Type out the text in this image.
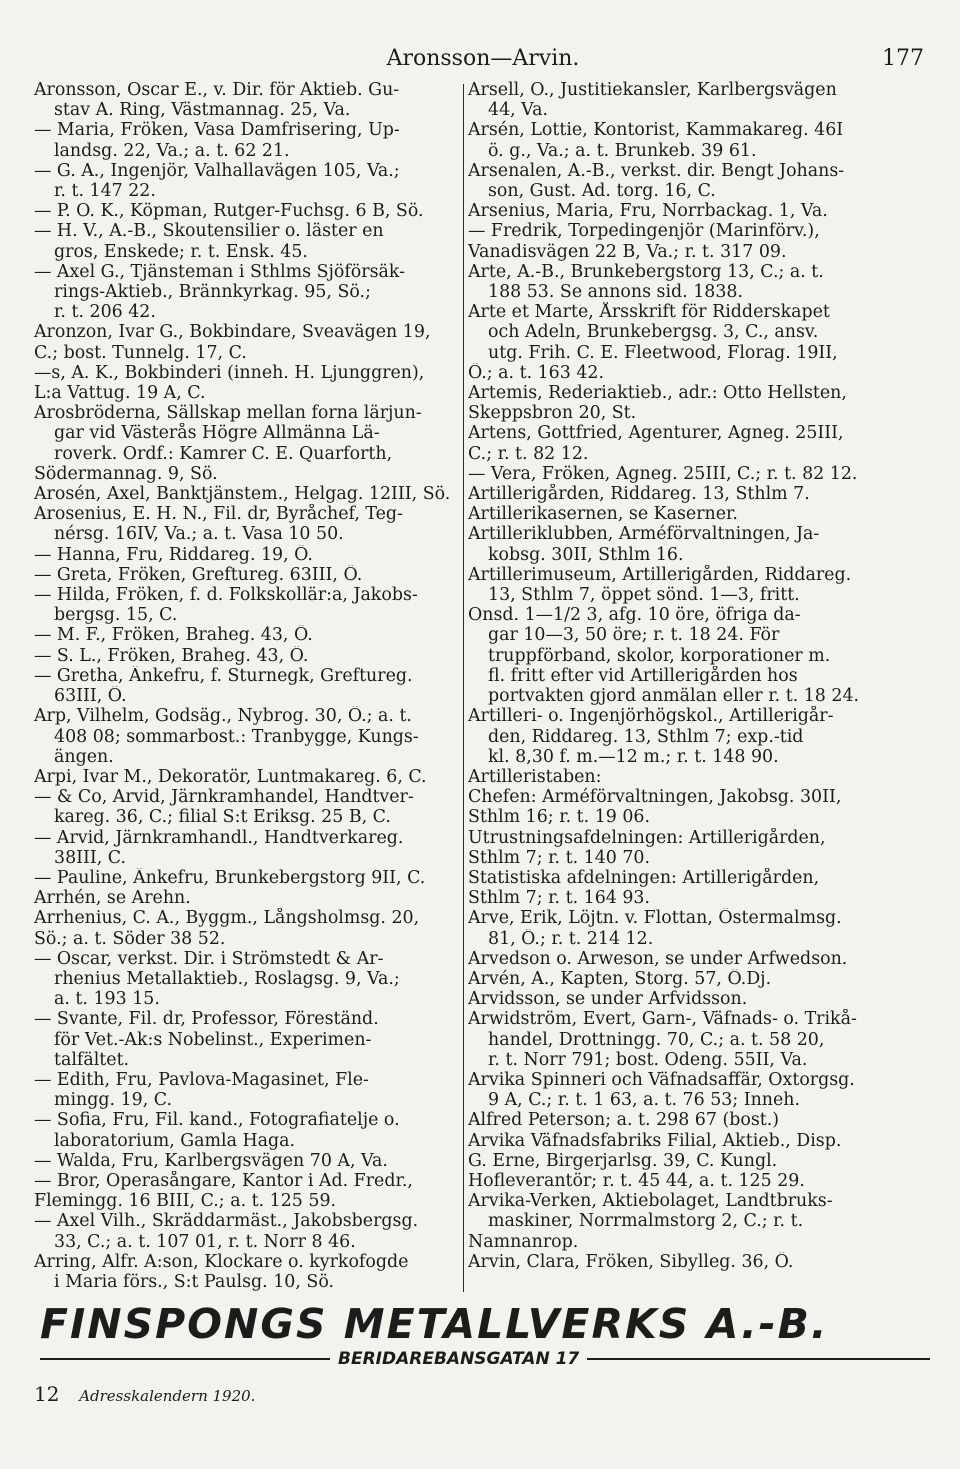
Aronsson—Arvin.	177
Aronsson, Oscar E., v. Dir. för Aktieb. Gu-
stav A. Ring, Västmannag. 25, Va.
— Maria, Fröken, Vasa Damfrisering, Up-
landsg. 22, Va.; a. t. 62 21.
— G. A., Ingenjör, Valhallavägen 105, Va.;
r. t. 147 22.
— P. O. K., Köpman, Rutger-Fuchsg. 6 B, Sö.
— H. V., A.-B., Skoutensilier o. läster en
gros, Enskede; r. t. Ensk. 45.
— Axel G., Tjänsteman i Sthlms Sjöförsäk-
rings-Aktieb., Brännkyrkag. 95, Sö.;
r. t. 206 42.
Aronzon, Ivar G., Bokbindare, Sveavägen 19,
C.; bost. Tunnelg. 17, C.
—s, A. K., Bokbinderi (inneh. H. Ljunggren),
L:a Vattug. 19 A, C.
Arosbröderna, Sällskap mellan forna lärjun-
gar vid Västerås Högre Allmänna Lä-
roverk. Ordf.: Kamrer C. E. Quarforth,
Södermannag. 9, Sö.
Arosén, Axel, Banktjänstem., Helgag. 12III, Sö.
Arosenius, E. H. N., Fil. dr, Byråchef, Teg-
nérsg. 16IV, Va.; a. t. Vasa 10 50.
— Hanna, Fru, Riddareg. 19, Ö.
— Greta, Fröken, Greftureg. 63III, Ö.
— Hilda, Fröken, f. d. Folkskollär:a, Jakobs-
bergsg. 15, C.
— M. F., Fröken, Braheg. 43, Ö.
— S. L., Fröken, Braheg. 43, Ö.
— Gretha, Änkefru, f. Sturnegk, Greftureg.
63III, Ö.
Arp, Vilhelm, Godsäg., Nybrog. 30, Ö.; a. t.
408 08; sommarbost.: Tranbygge, Kungs-
ängen.
Arpi, Ivar M., Dekoratör, Luntmakareg. 6, C.
— & Co, Arvid, Järnkramhandel, Handtver-
kareg. 36, C.; filial S:t Eriksg. 25 B, C.
— Arvid, Järnkramhandl., Handtverkareg.
38III, C.
— Pauline, Änkefru, Brunkebergstorg 9II, C.
Arrhén, se Arehn.
Arrhenius, C. A., Byggm., Långsholmsg. 20,
Sö.; a. t. Söder 38 52.
— Oscar, verkst. Dir. i Strömstedt & Ar-
rhenius Metallaktieb., Roslagsg. 9, Va.;
a. t. 193 15.
— Svante, Fil. dr, Professor, Föreständ.
för Vet.-Ak:s Nobelinst., Experimen-
talfältet.
— Edith, Fru, Pavlova-Magasinet, Fle-
mingg. 19, C.
— Sofia, Fru, Fil. kand., Fotografiatelje o.
laboratorium, Gamla Haga.
— Walda, Fru, Karlbergsvägen 70 A, Va.
— Bror, Operasångare, Kantor i Ad. Fredr.,
Flemingg. 16 BIII, C.; a. t. 125 59.
— Axel Vilh., Skräddarmäst., Jakobsbergsg.
33, C.; a. t. 107 01, r. t. Norr 8 46.
Arring, Alfr. A:son, Klockare o. kyrkofogde
i Maria förs., S:t Paulsg. 10, Sö.
Arsell, O., Justitiekansler, Karlbergsvägen
44, Va.
Arsén, Lottie, Kontorist, Kammakareg. 46I
ö. g., Va.; a. t. Brunkeb. 39 61.
Arsenalen, A.-B., verkst. dir. Bengt Johans-
son, Gust. Ad. torg. 16, C.
Arsenius, Maria, Fru, Norrbackag. 1, Va.
— Fredrik, Torpedingenjör (Marinförv.),
Vanadisvägen 22 B, Va.; r. t. 317 09.
Arte, A.-B., Brunkebergstorg 13, C.; a. t.
188 53. Se annons sid. 1838.
Arte et Marte, Årsskrift för Ridderskapet
och Adeln, Brunkebergsg. 3, C., ansv.
utg. Frih. C. E. Fleetwood, Florag. 19II,
Ö.; a. t. 163 42.
Artemis, Rederiaktieb., adr.: Otto Hellsten,
Skeppsbron 20, St.
Artens, Gottfried, Agenturer, Agneg. 25III,
C.; r. t. 82 12.
— Vera, Fröken, Agneg. 25III, C.; r. t. 82 12.
Artillerigården, Riddareg. 13, Sthlm 7.
Artillerikasernen, se Kaserner.
Artilleriklubben, Arméförvaltningen, Ja-
kobsg. 30II, Sthlm 16.
Artillerimuseum, Artillerigården, Riddareg.
13, Sthlm 7, öppet sönd. 1—3, fritt.
Onsd. 1—1/2 3, afg. 10 öre, öfriga da-
gar 10—3, 50 öre; r. t. 18 24. För
truppförband, skolor, korporationer m.
fl. fritt efter vid Artillerigården hos
portvakten gjord anmälan eller r. t. 18 24.
Artilleri- o. Ingenjörhögskol., Artillerigår-
den, Riddareg. 13, Sthlm 7; exp.-tid
kl. 8,30 f. m.—12 m.; r. t. 148 90.
Artilleristaben:
Chefen: Arméförvaltningen, Jakobsg. 30II,
Sthlm 16; r. t. 19 06.
Utrustningsafdelningen: Artillerigården,
Sthlm 7; r. t. 140 70.
Statistiska afdelningen: Artillerigården,
Sthlm 7; r. t. 164 93.
Arve, Erik, Löjtn. v. Flottan, Östermalmsg.
81, Ö.; r. t. 214 12.
Arvedson o. Arweson, se under Arfwedson.
Arvén, A., Kapten, Storg. 57, Ö.Dj.
Arvidsson, se under Arfvidsson.
Arwidström, Evert, Garn-, Väfnads- o. Trikå-
handel, Drottningg. 70, C.; a. t. 58 20,
r. t. Norr 791; bost. Odeng. 55II, Va.
Arvika Spinneri och Väfnadsaffär, Oxtorgsg.
9 A, C.; r. t. 1 63, a. t. 76 53; Inneh.
Alfred Peterson; a. t. 298 67 (bost.)
Arvika Väfnadsfabriks Filial, Aktieb., Disp.
G. Erne, Birgerjarlsg. 39, C. Kungl.
Hofleverantör; r. t. 45 44, a. t. 125 29.
Arvika-Verken, Aktiebolaget, Landtbruks-
maskiner, Norrmalmstorg 2, C.; r. t.
Namnanrop.
Arvin, Clara, Fröken, Sibylleg. 36, Ö.
FINSPONGS METALLVERKS A.-B.
BERIDAREBANSGATAN 17
12 Adresskalendern 1920.
